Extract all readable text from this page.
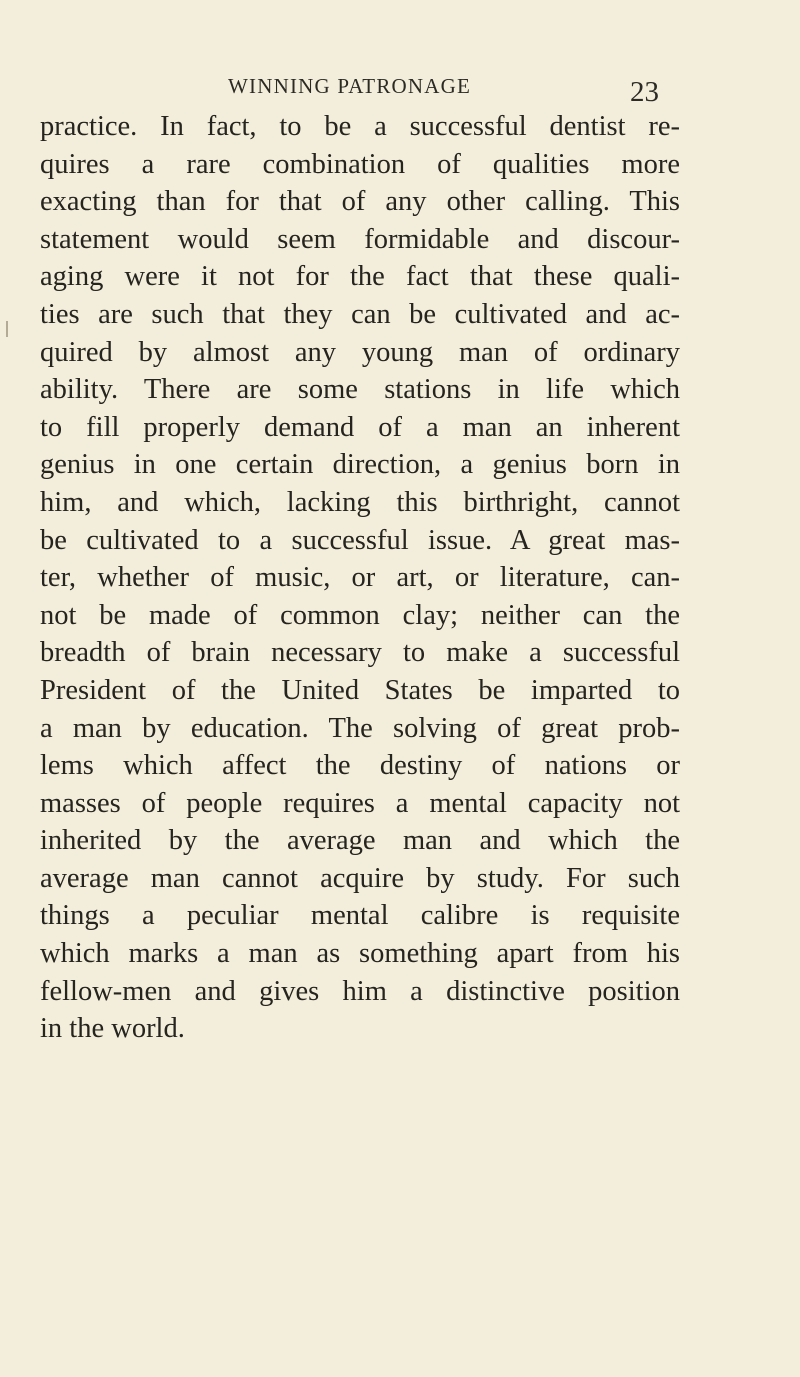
WINNING PATRONAGE	23
practice. In fact, to be a successful dentist re-
quires a rare combination of qualities more
exacting than for that of any other calling. This
statement would seem formidable and discour-
aging were it not for the fact that these quali-
ties are such that they can be cultivated and ac-
quired by almost any young man of ordinary
ability. There are some stations in life which
to fill properly demand of a man an inherent
genius in one certain direction, a genius born in
him, and which, lacking this birthright, cannot
be cultivated to a successful issue. A great mas-
ter, whether of music, or art, or literature, can-
not be made of common clay; neither can the
breadth of brain necessary to make a successful
President of the United States be imparted to
a man by education. The solving of great prob-
lems which affect the destiny of nations or
masses of people requires a mental capacity not
inherited by the average man and which the
average man cannot acquire by study. For such
things a peculiar mental calibre is requisite
which marks a man as something apart from his
fellow-men and gives him a distinctive position
in the world.
